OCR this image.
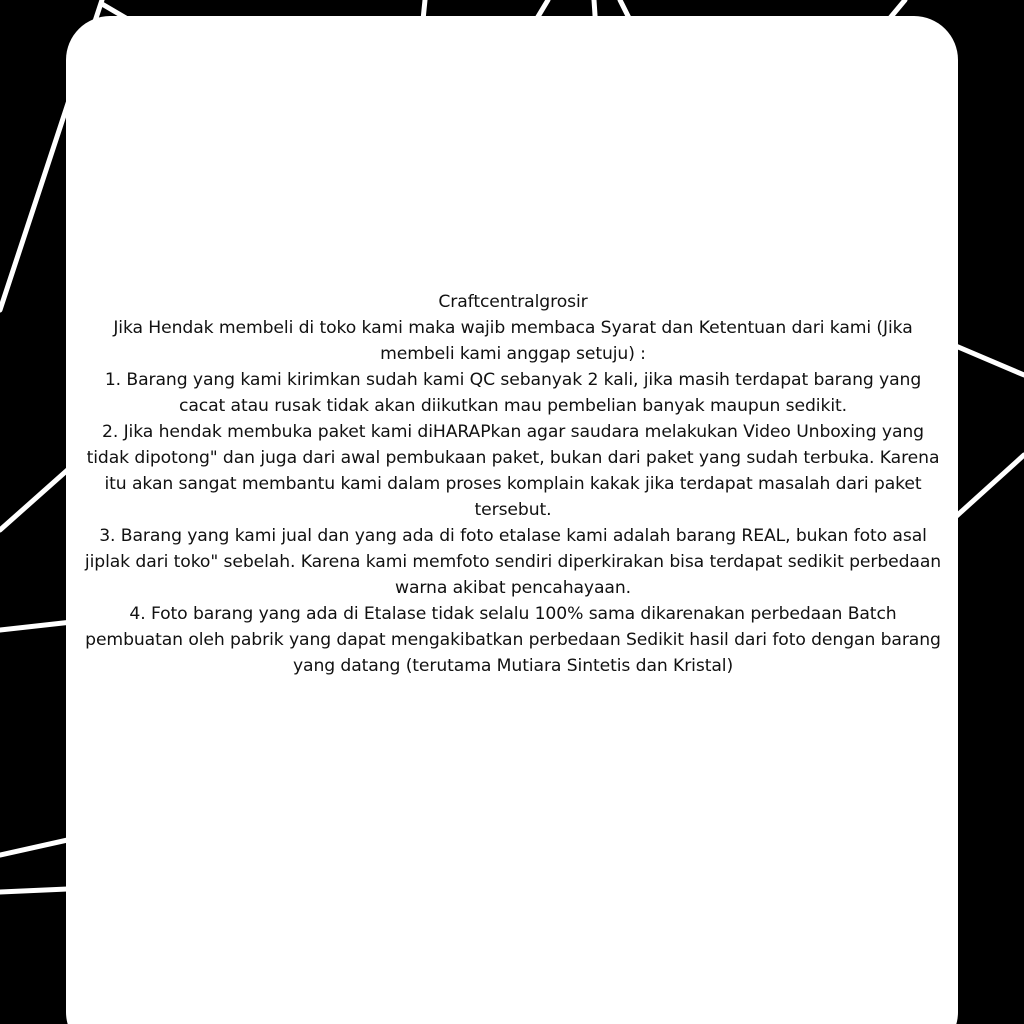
Craftcentralgrosir

Jika Hendak membeli di toko kami maka wajib membaca Syarat dan Ketentuan dari kami (Jika membeli kami anggap setuju) :

1. Barang yang kami kirimkan sudah kami QC sebanyak 2 kali, jika masih terdapat barang yang cacat atau rusak tidak akan diikutkan mau pembelian banyak maupun sedikit.

2. Jika hendak membuka paket kami diHARAPkan agar saudara melakukan Video Unboxing yang tidak dipotong" dan juga dari awal pembukaan paket, bukan dari paket yang sudah terbuka. Karena itu akan sangat membantu kami dalam proses komplain kakak jika terdapat masalah dari paket tersebut.

3. Barang yang kami jual dan yang ada di foto etalase kami adalah barang REAL, bukan foto asal jiplak dari toko" sebelah. Karena kami memfoto sendiri diperkirakan bisa terdapat sedikit perbedaan warna akibat pencahayaan.

4. Foto barang yang ada di Etalase tidak selalu 100% sama dikarenakan perbedaan Batch pembuatan oleh pabrik yang dapat mengakibatkan perbedaan Sedikit hasil dari foto dengan barang yang datang (terutama Mutiara Sintetis dan Kristal)
